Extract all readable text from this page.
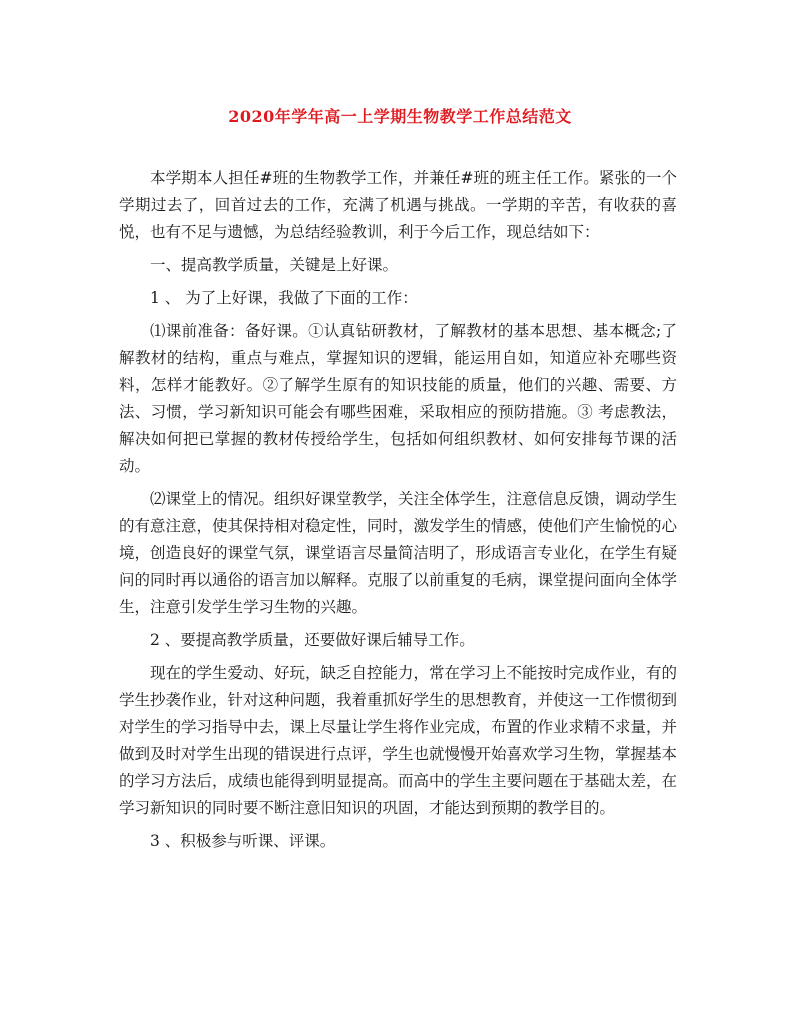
2020年学年高一上学期生物教学工作总结范文

本学期本人担任#班的生物教学工作，并兼任#班的班主任工作。紧张的一个学期过去了，回首过去的工作，充满了机遇与挑战。一学期的辛苦，有收获的喜悦，也有不足与遗憾，为总结经验教训，利于今后工作，现总结如下：

一、提高教学质量，关键是上好课。

1 、 为了上好课，我做了下面的工作：

⑴课前准备：备好课。①认真钻研教材，了解教材的基本思想、基本概念;了解教材的结构，重点与难点，掌握知识的逻辑，能运用自如，知道应补充哪些资料，怎样才能教好。②了解学生原有的知识技能的质量，他们的兴趣、需要、方法、习惯，学习新知识可能会有哪些困难，采取相应的预防措施。③ 考虑教法，解决如何把已掌握的教材传授给学生，包括如何组织教材、如何安排每节课的活动。

⑵课堂上的情况。组织好课堂教学，关注全体学生，注意信息反馈，调动学生的有意注意，使其保持相对稳定性，同时，激发学生的情感，使他们产生愉悦的心境，创造良好的课堂气氛，课堂语言尽量简洁明了，形成语言专业化，在学生有疑问的同时再以通俗的语言加以解释。克服了以前重复的毛病，课堂提问面向全体学生，注意引发学生学习生物的兴趣。

2 、要提高教学质量，还要做好课后辅导工作。

现在的学生爱动、好玩，缺乏自控能力，常在学习上不能按时完成作业，有的学生抄袭作业，针对这种问题，我着重抓好学生的思想教育，并使这一工作惯彻到对学生的学习指导中去，课上尽量让学生将作业完成，布置的作业求精不求量，并做到及时对学生出现的错误进行点评，学生也就慢慢开始喜欢学习生物，掌握基本的学习方法后，成绩也能得到明显提高。而高中的学生主要问题在于基础太差，在学习新知识的同时要不断注意旧知识的巩固，才能达到预期的教学目的。

3 、积极参与听课、评课。
